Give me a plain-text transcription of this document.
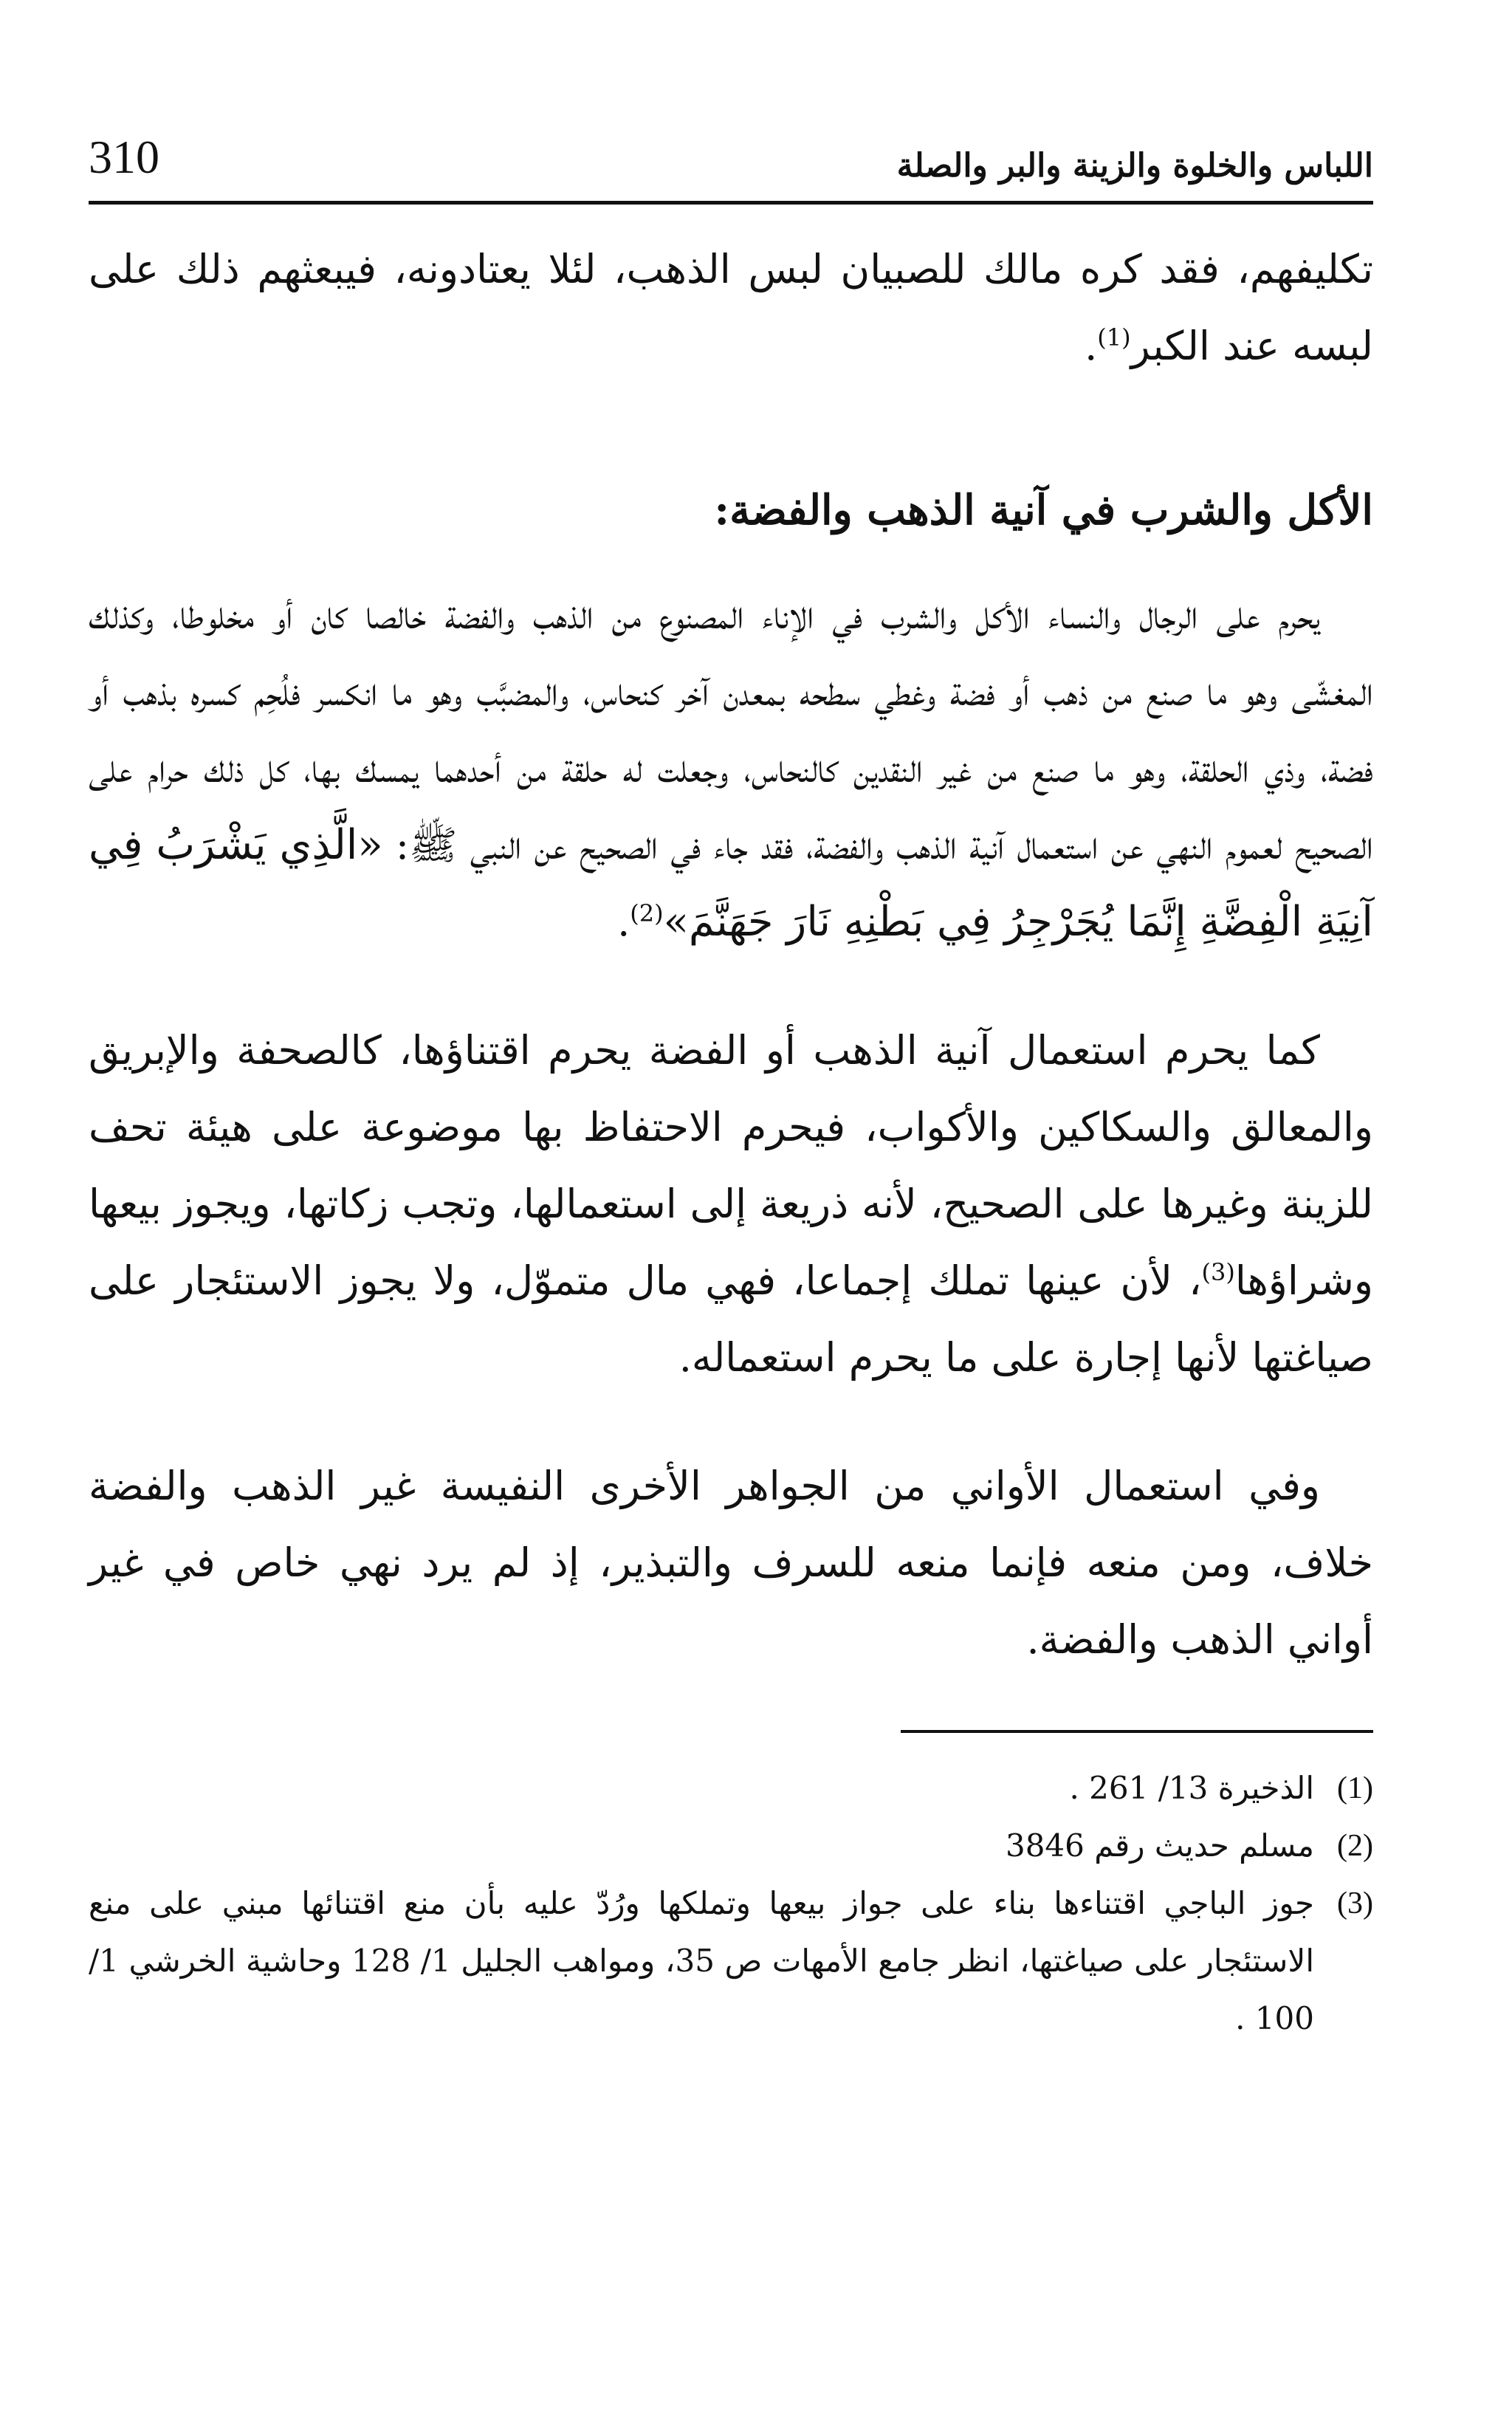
310	اللباس والخلوة والزينة والبر والصلة

تكليفهم، فقد كره مالك للصبيان لبس الذهب، لئلا يعتادونه، فيبعثهم ذلك على لبسه عند الكبر$^{(1)}$.

الأكل والشرب في آنية الذهب والفضة:

يحرم على الرجال والنساء الأكل والشرب في الإناء المصنوع من الذهب والفضة خالصا كان أو مخلوطا، وكذلك المغشّى وهو ما صنع من ذهب أو فضة وغطي سطحه بمعدن آخر كنحاس، والمضبَّب وهو ما انكسر فلُحِم كسره بذهب أو فضة، وذي الحلقة، وهو ما صنع من غير النقدين كالنحاس، وجعلت له حلقة من أحدهما يمسك بها، كل ذلك حرام على الصحيح لعموم النهي عن استعمال آنية الذهب والفضة، فقد جاء في الصحيح عن النبي ﷺ: «الَّذِي يَشْرَبُ فِي آنِيَةِ الْفِضَّةِ إِنَّمَا يُجَرْجِرُ فِي بَطْنِهِ نَارَ جَهَنَّمَ»$^{(2)}$.

كما يحرم استعمال آنية الذهب أو الفضة يحرم اقتناؤها، كالصحفة والإبريق والمعالق والسكاكين والأكواب، فيحرم الاحتفاظ بها موضوعة على هيئة تحف للزينة وغيرها على الصحيح، لأنه ذريعة إلى استعمالها، وتجب زكاتها، ويجوز بيعها وشراؤها$^{(3)}$، لأن عينها تملك إجماعا، فهي مال متموّل، ولا يجوز الاستئجار على صياغتها لأنها إجارة على ما يحرم استعماله.

وفي استعمال الأواني من الجواهر الأخرى النفيسة غير الذهب والفضة خلاف، ومن منعه فإنما منعه للسرف والتبذير، إذ لم يرد نهي خاص في غير أواني الذهب والفضة.

(1)
الذخيرة 13/ 261 .
(2)
مسلم حديث رقم 3846
(3)
جوز الباجي اقتناءها بناء على جواز بيعها وتملكها ورُدّ عليه بأن منع اقتنائها مبني على منع الاستئجار على صياغتها، انظر جامع الأمهات ص 35، ومواهب الجليل 1/ 128 وحاشية الخرشي 1/ 100 .
